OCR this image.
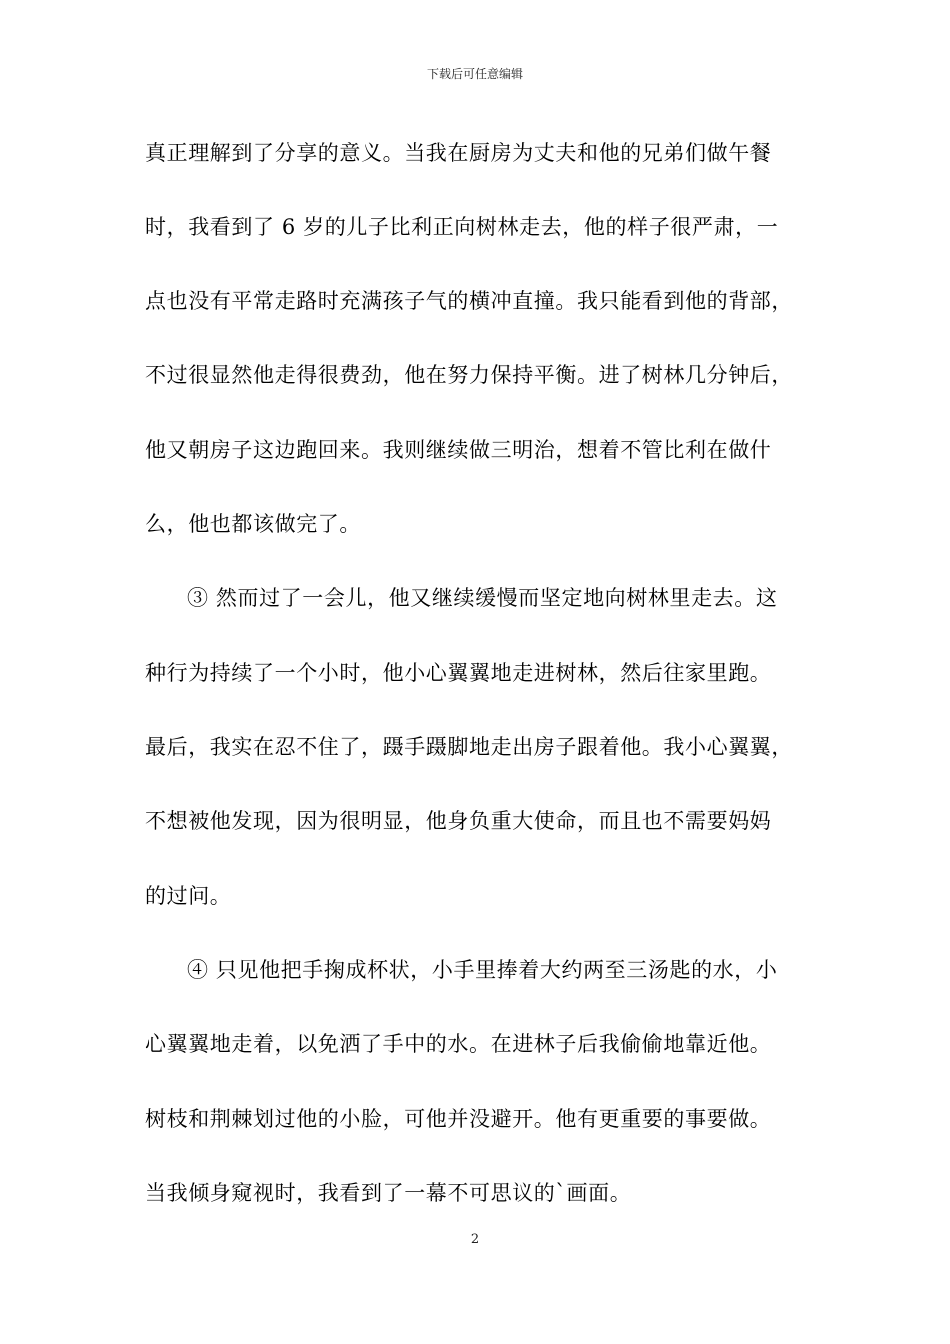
下载后可任意编辑
真正理解到了分享的意义。当我在厨房为丈夫和他的兄弟们做午餐
时，我看到了 6 岁的儿子比利正向树林走去，他的样子很严肃，一
点也没有平常走路时充满孩子气的横冲直撞。我只能看到他的背部，
不过很显然他走得很费劲，他在努力保持平衡。进了树林几分钟后，
他又朝房子这边跑回来。我则继续做三明治，想着不管比利在做什
么，他也都该做完了。
③ 然而过了一会儿，他又继续缓慢而坚定地向树林里走去。这
种行为持续了一个小时，他小心翼翼地走进树林，然后往家里跑。
最后，我实在忍不住了，蹑手蹑脚地走出房子跟着他。我小心翼翼，
不想被他发现，因为很明显，他身负重大使命，而且也不需要妈妈
的过问。
④ 只见他把手掬成杯状，小手里捧着大约两至三汤匙的水，小
心翼翼地走着，以免洒了手中的水。在进林子后我偷偷地靠近他。
树枝和荆棘划过他的小脸，可他并没避开。他有更重要的事要做。
当我倾身窥视时，我看到了一幕不可思议的`画面。
2
